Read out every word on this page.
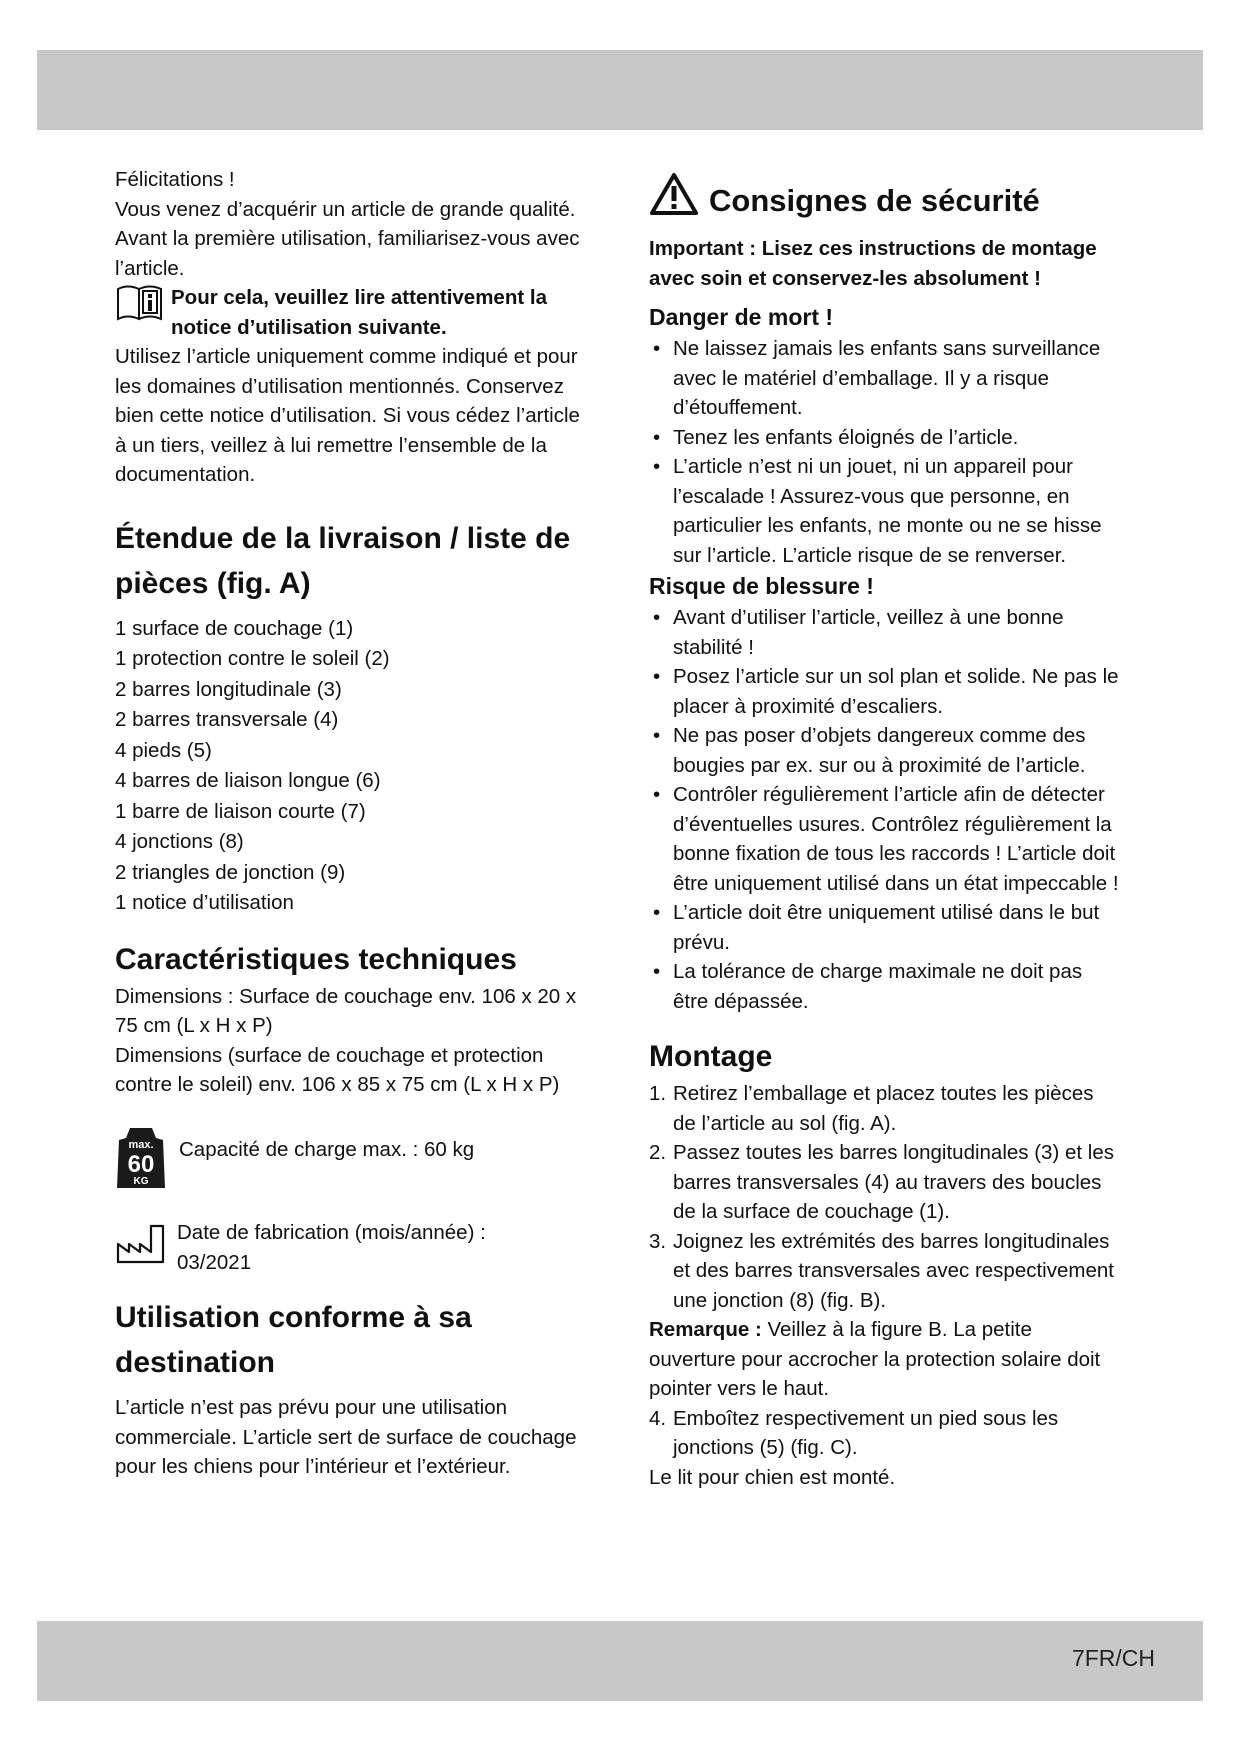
Félicitations !

Vous venez d’acquérir un article de grande qualité. Avant la première utilisation, familiarisez-vous avec l’article.

Pour cela, veuillez lire attentivement la notice d’utilisation suivante.

Utilisez l’article uniquement comme indiqué et pour les domaines d’utilisation mentionnés. Conservez bien cette notice d’utilisation. Si vous cédez l’article à un tiers, veillez à lui remettre l’ensemble de la documentation.

Étendue de la livraison / liste de pièces (fig. A)
1 surface de couchage (1)
1 protection contre le soleil (2)
2 barres longitudinale (3)
2 barres transversale (4)
4 pieds (5)
4 barres de liaison longue (6)
1 barre de liaison courte (7)
4 jonctions (8)
2 triangles de jonction (9)
1 notice d’utilisation
Caractéristiques techniques

Dimensions : Surface de couchage env. 106 x 20 x 75 cm (L x H x P)

Dimensions (surface de couchage et protection contre le soleil) env. 106 x 85 x 75 cm (L x H x P)

max.
60
KG

Capacité de charge max. : 60 kg

Date de fabrication (mois/année) :

03/2021

Utilisation conforme à sa destination

L’article n’est pas prévu pour une utilisation commerciale. L’article sert de surface de couchage pour les chiens pour l’intérieur et l’extérieur.

Consignes de sécurité

Important : Lisez ces instructions de montage avec soin et conservez-les absolument !

Danger de mort !
• Ne laissez jamais les enfants sans surveillance avec le matériel d’emballage. Il y a risque d’étouffement.
• Tenez les enfants éloignés de l’article.
• L’article n’est ni un jouet, ni un appareil pour l’escalade ! Assurez-vous que personne, en particulier les enfants, ne monte ou ne se hisse sur l’article. L’article risque de se renverser.
Risque de blessure !
• Avant d’utiliser l’article, veillez à une bonne stabilité !
• Posez l’article sur un sol plan et solide. Ne pas le placer à proximité d’escaliers.
• Ne pas poser d’objets dangereux comme des bougies par ex. sur ou à proximité de l’article.
• Contrôler régulièrement l’article afin de détecter d’éventuelles usures. Contrôlez régulièrement la bonne fixation de tous les raccords ! L’article doit être uniquement utilisé dans un état impeccable !
• L’article doit être uniquement utilisé dans le but prévu.
• La tolérance de charge maximale ne doit pas être dépassée.
Montage
1. Retirez l’emballage et placez toutes les pièces de l’article au sol (fig. A).
2. Passez toutes les barres longitudinales (3) et les barres transversales (4) au travers des boucles de la surface de couchage (1).
3. Joignez les extrémités des barres longitudinales et des barres transversales avec respectivement une jonction (8) (fig. B).

Remarque : Veillez à la figure B. La petite ouverture pour accrocher la protection solaire doit pointer vers le haut.

4. Emboîtez respectivement un pied sous les jonctions (5) (fig. C).

Le lit pour chien est monté.

7FR/CH
